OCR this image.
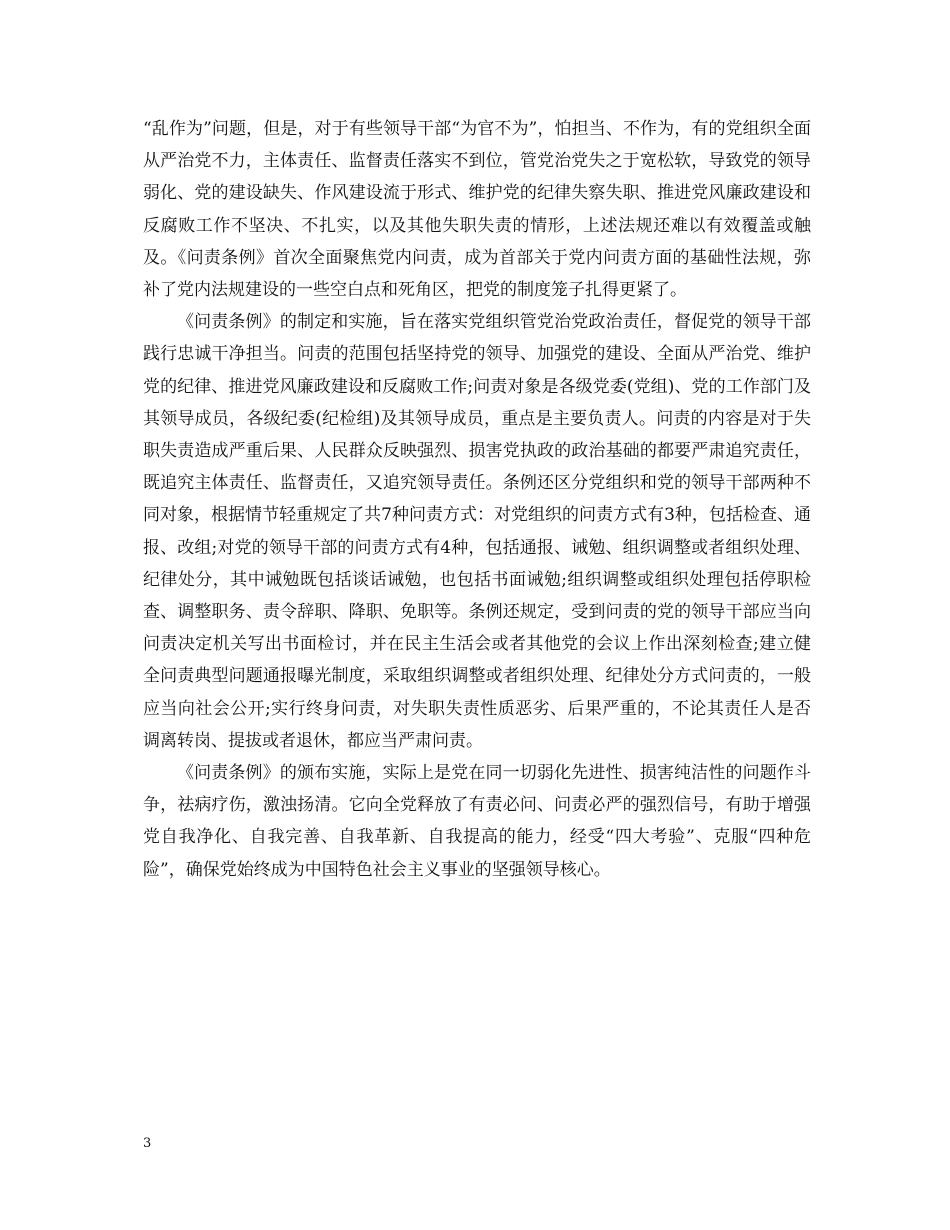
“乱作为”问题，但是，对于有些领导干部“为官不为”，怕担当、不作为，有的党组织全面从严治党不力，主体责任、监督责任落实不到位，管党治党失之于宽松软，导致党的领导弱化、党的建设缺失、作风建设流于形式、维护党的纪律失察失职、推进党风廉政建设和反腐败工作不坚决、不扎实，以及其他失职失责的情形，上述法规还难以有效覆盖或触及。《问责条例》首次全面聚焦党内问责，成为首部关于党内问责方面的基础性法规，弥补了党内法规建设的一些空白点和死角区，把党的制度笼子扎得更紧了。

《问责条例》的制定和实施，旨在落实党组织管党治党政治责任，督促党的领导干部践行忠诚干净担当。问责的范围包括坚持党的领导、加强党的建设、全面从严治党、维护党的纪律、推进党风廉政建设和反腐败工作;问责对象是各级党委(党组)、党的工作部门及其领导成员，各级纪委(纪检组)及其领导成员，重点是主要负责人。问责的内容是对于失职失责造成严重后果、人民群众反映强烈、损害党执政的政治基础的都要严肃追究责任，既追究主体责任、监督责任，又追究领导责任。条例还区分党组织和党的领导干部两种不同对象，根据情节轻重规定了共7种问责方式：对党组织的问责方式有3种，包括检查、通报、改组;对党的领导干部的问责方式有4种，包括通报、诫勉、组织调整或者组织处理、纪律处分，其中诫勉既包括谈话诫勉，也包括书面诫勉;组织调整或组织处理包括停职检查、调整职务、责令辞职、降职、免职等。条例还规定，受到问责的党的领导干部应当向问责决定机关写出书面检讨，并在民主生活会或者其他党的会议上作出深刻检查;建立健全问责典型问题通报曝光制度，采取组织调整或者组织处理、纪律处分方式问责的，一般应当向社会公开;实行终身问责，对失职失责性质恶劣、后果严重的，不论其责任人是否调离转岗、提拔或者退休，都应当严肃问责。

《问责条例》的颁布实施，实际上是党在同一切弱化先进性、损害纯洁性的问题作斗争，祛病疗伤，激浊扬清。它向全党释放了有责必问、问责必严的强烈信号，有助于增强党自我净化、自我完善、自我革新、自我提高的能力，经受“四大考验”、克服“四种危险”，确保党始终成为中国特色社会主义事业的坚强领导核心。

3
